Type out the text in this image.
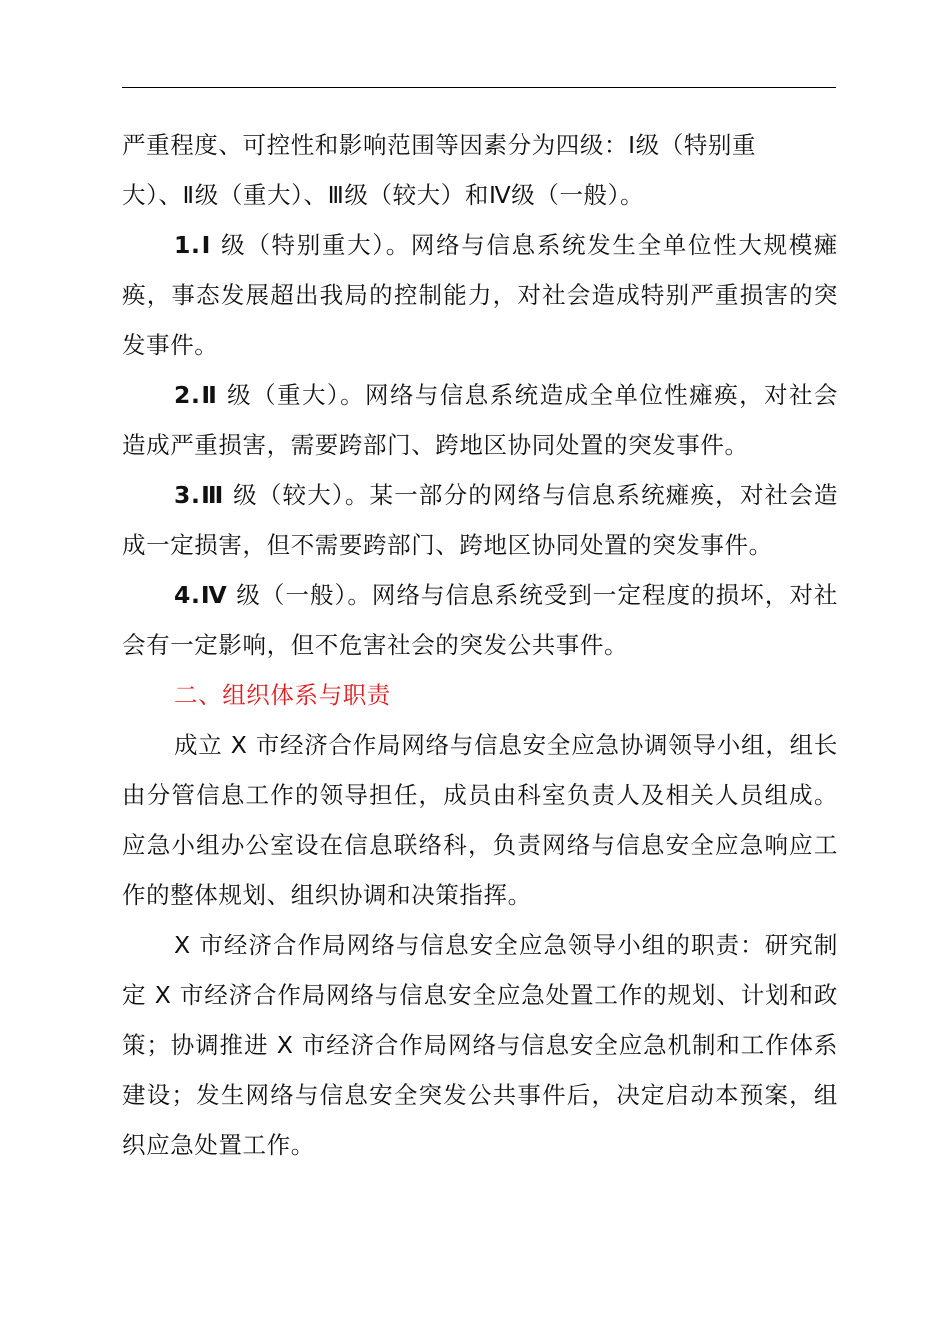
严重程度、可控性和影响范围等因素分为四级：Ⅰ级（特别重
大）、Ⅱ级（重大）、Ⅲ级（较大）和Ⅳ级（一般）。

1.Ⅰ 级（特别重大）。网络与信息系统发生全单位性大规模瘫痪，事态发展超出我局的控制能力，对社会造成特别严重损害的突发事件。

2.Ⅱ 级（重大）。网络与信息系统造成全单位性瘫痪，对社会造成严重损害，需要跨部门、跨地区协同处置的突发事件。

3.Ⅲ 级（较大）。某一部分的网络与信息系统瘫痪，对社会造成一定损害，但不需要跨部门、跨地区协同处置的突发事件。

4.Ⅳ 级（一般）。网络与信息系统受到一定程度的损坏，对社会有一定影响，但不危害社会的突发公共事件。

二、组织体系与职责

成立 X 市经济合作局网络与信息安全应急协调领导小组，组长由分管信息工作的领导担任，成员由科室负责人及相关人员组成。应急小组办公室设在信息联络科，负责网络与信息安全应急响应工作的整体规划、组织协调和决策指挥。

X 市经济合作局网络与信息安全应急领导小组的职责：研究制定 X 市经济合作局网络与信息安全应急处置工作的规划、计划和政策；协调推进 X 市经济合作局网络与信息安全应急机制和工作体系建设；发生网络与信息安全突发公共事件后，决定启动本预案，组织应急处置工作。
